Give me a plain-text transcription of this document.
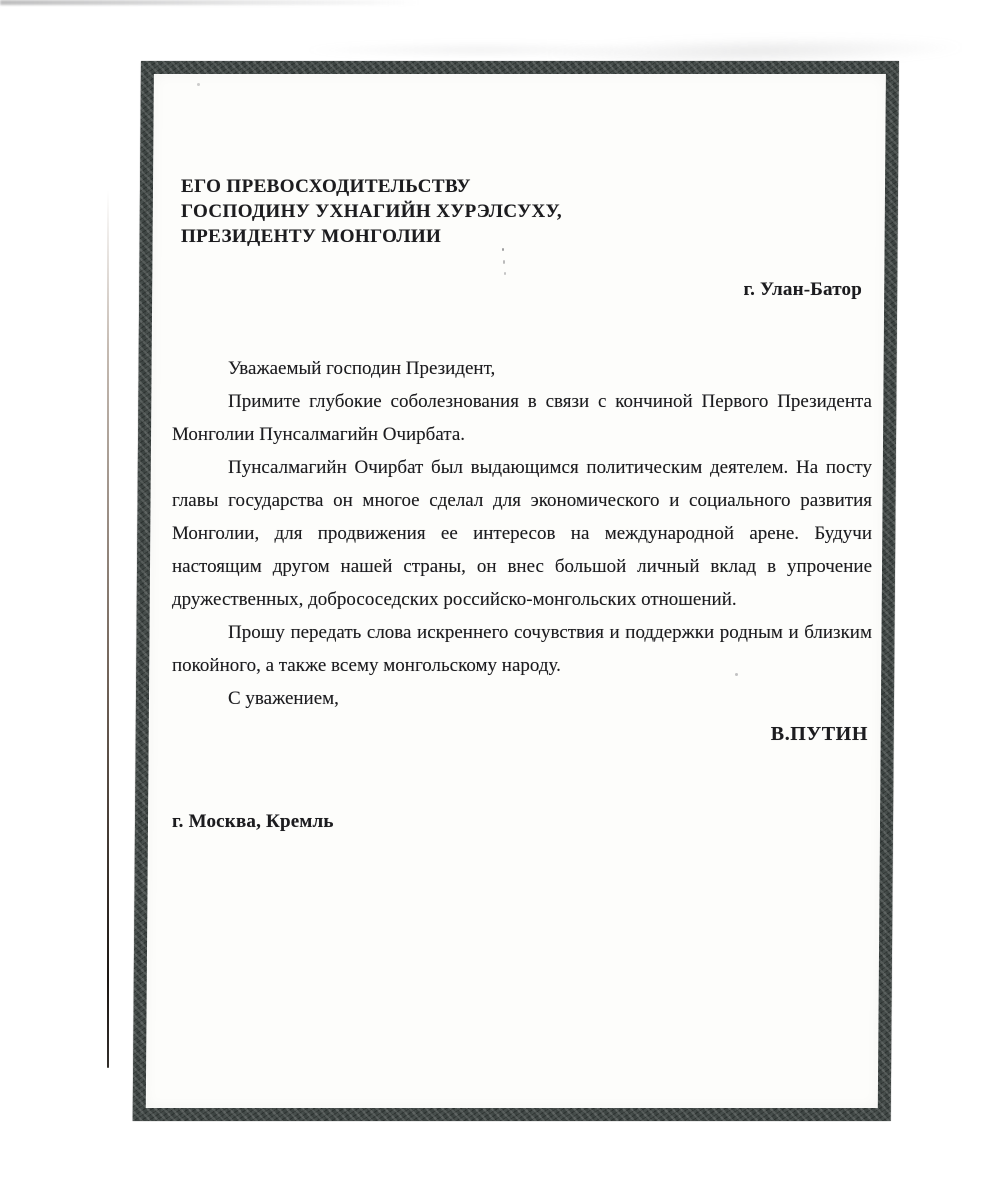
ЕГО ПРЕВОСХОДИТЕЛЬСТВУ
ГОСПОДИНУ УХНАГИЙН ХУРЭЛСУХУ,
ПРЕЗИДЕНТУ МОНГОЛИИ
г. Улан-Батор

Уважаемый господин Президент,

Примите глубокие соболезнования в связи с кончиной Первого Президента Монголии Пунсалмагийн Очирбата.

Пунсалмагийн Очирбат был выдающимся политическим деятелем. На посту главы государства он многое сделал для экономического и социального развития Монголии, для продвижения ее интересов на международной арене. Будучи настоящим другом нашей страны, он внес большой личный вклад в упрочение дружественных, добрососедских российско-монгольских отношений.

Прошу передать слова искреннего сочувствия и поддержки родным и близким покойного, а также всему монгольскому народу.

С уважением,

В.ПУТИН
г. Москва, Кремль
